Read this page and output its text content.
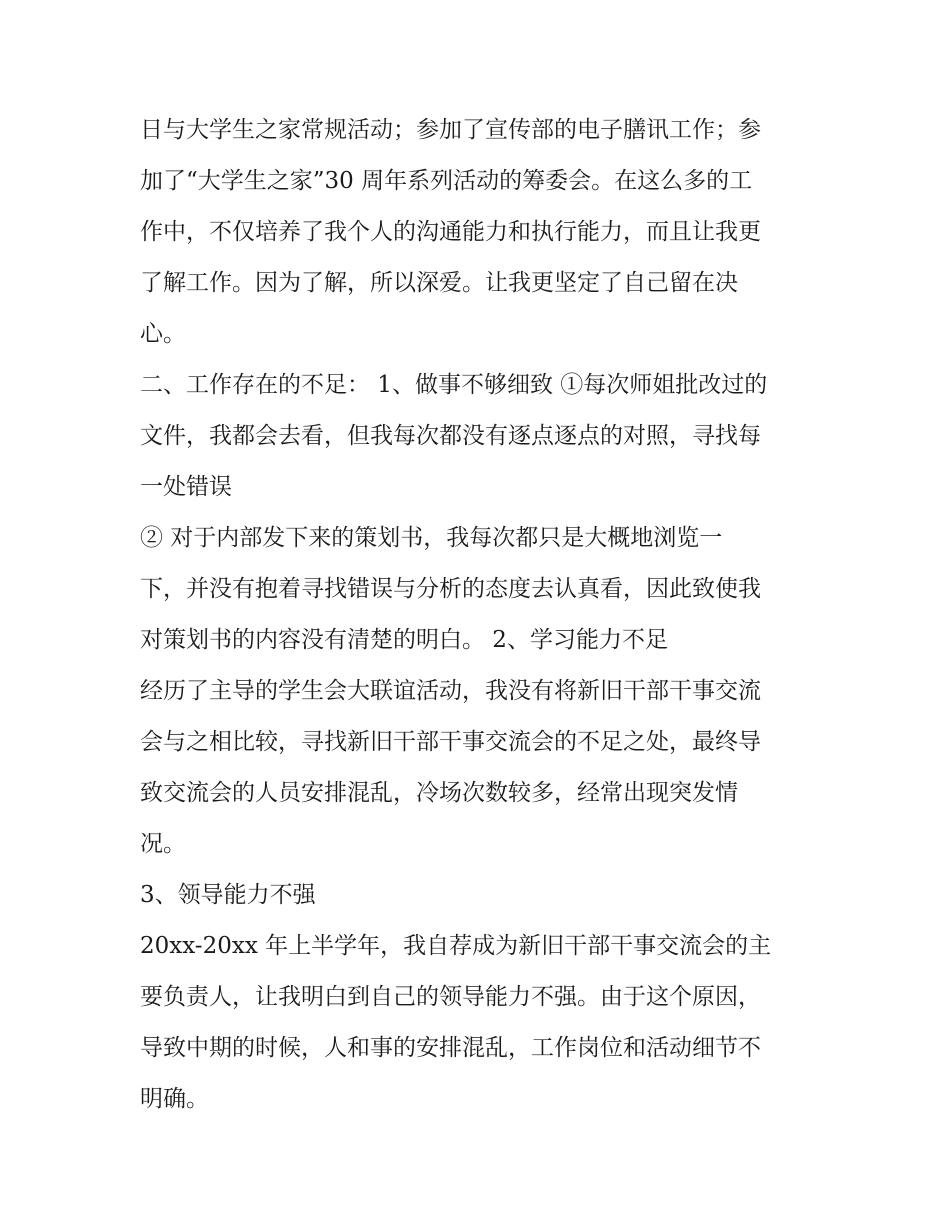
日与大学生之家常规活动；参加了宣传部的电子膳讯工作；参
加了“大学生之家”30 周年系列活动的筹委会。在这么多的工
作中，不仅培养了我个人的沟通能力和执行能力，而且让我更
了解工作。因为了解，所以深爱。让我更坚定了自己留在决
心。
二、工作存在的不足： 1、做事不够细致 ①每次师姐批改过的
文件，我都会去看，但我每次都没有逐点逐点的对照，寻找每
一处错误
② 对于内部发下来的策划书，我每次都只是大概地浏览一
下，并没有抱着寻找错误与分析的态度去认真看，因此致使我
对策划书的内容没有清楚的明白。 2、学习能力不足
经历了主导的学生会大联谊活动，我没有将新旧干部干事交流
会与之相比较，寻找新旧干部干事交流会的不足之处，最终导
致交流会的人员安排混乱，冷场次数较多，经常出现突发情
况。
3、领导能力不强
20xx-20xx 年上半学年，我自荐成为新旧干部干事交流会的主
要负责人，让我明白到自己的领导能力不强。由于这个原因，
导致中期的时候，人和事的安排混乱，工作岗位和活动细节不
明确。
